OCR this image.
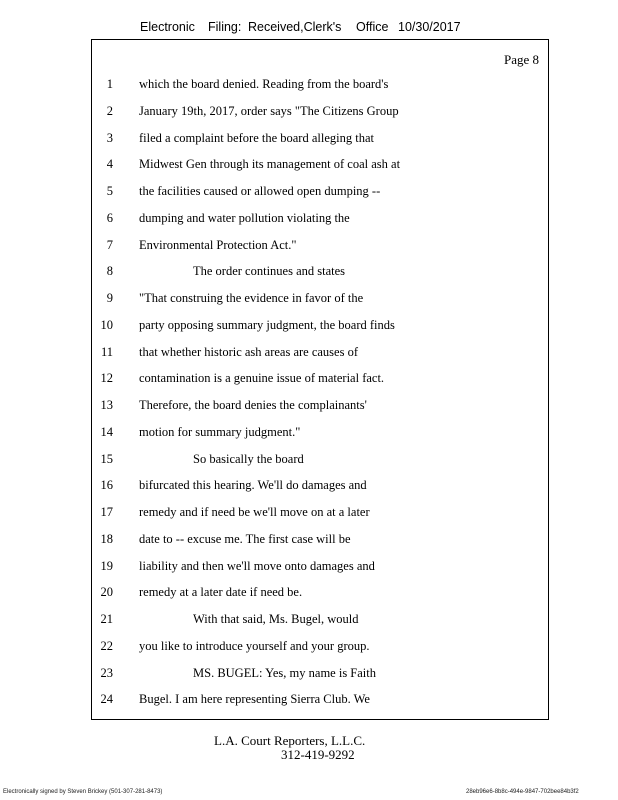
Electronic Filing: Received,Clerk's Office 10/30/2017
Page 8
1 which the board denied. Reading from the board's
2 January 19th, 2017, order says "The Citizens Group
3 filed a complaint before the board alleging that
4 Midwest Gen through its management of coal ash at
5 the facilities caused or allowed open dumping --
6 dumping and water pollution violating the
7 Environmental Protection Act."
8	The order continues and states
9 "That construing the evidence in favor of the
10 party opposing summary judgment, the board finds
11 that whether historic ash areas are causes of
12 contamination is a genuine issue of material fact.
13 Therefore, the board denies the complainants'
14 motion for summary judgment."
15	So basically the board
16 bifurcated this hearing. We'll do damages and
17 remedy and if need be we'll move on at a later
18 date to -- excuse me. The first case will be
19 liability and then we'll move onto damages and
20 remedy at a later date if need be.
21	With that said, Ms. Bugel, would
22 you like to introduce yourself and your group.
23	MS. BUGEL: Yes, my name is Faith
24 Bugel. I am here representing Sierra Club. We
L.A. Court Reporters, L.L.C.
312-419-9292
Electronically signed by Steven Brickey (501-307-281-8473)	28eb96e6-8b8c-494e-9847-702bee84b3f2
